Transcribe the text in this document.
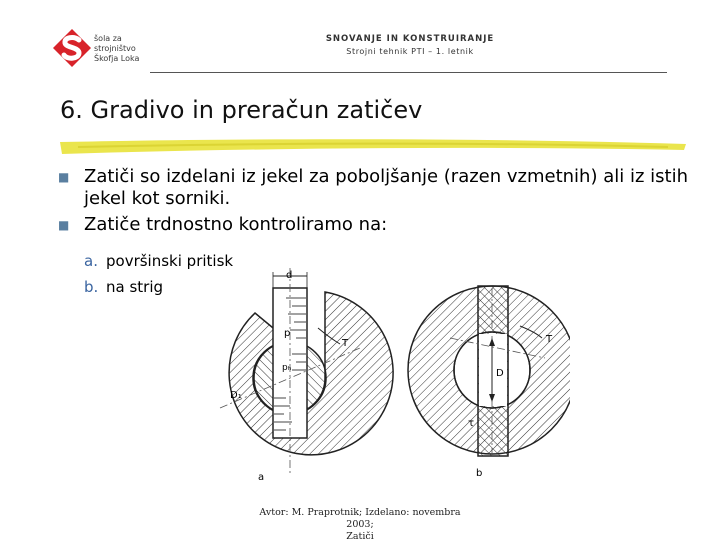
šola za
strojništvo
Škofja Loka
SNOVANJE IN KONSTRUIRANJE
Strojni tehnik PTI – 1. letnik
6. Gradivo in preračun zatičev
■ Zatiči so izdelani iz jekel za poboljšanje (razen vzmetnih) ali iz istih jekel kot sorniki.
■ Zatiče trdnostno kontroliramo na:
a. površinski pritisk
b. na strig
d
p
pₕ
T
D₁
a
D
T
τ
b
Avtor: M. Praprotnik; Izdelano: novembra 2003;
Zatiči
